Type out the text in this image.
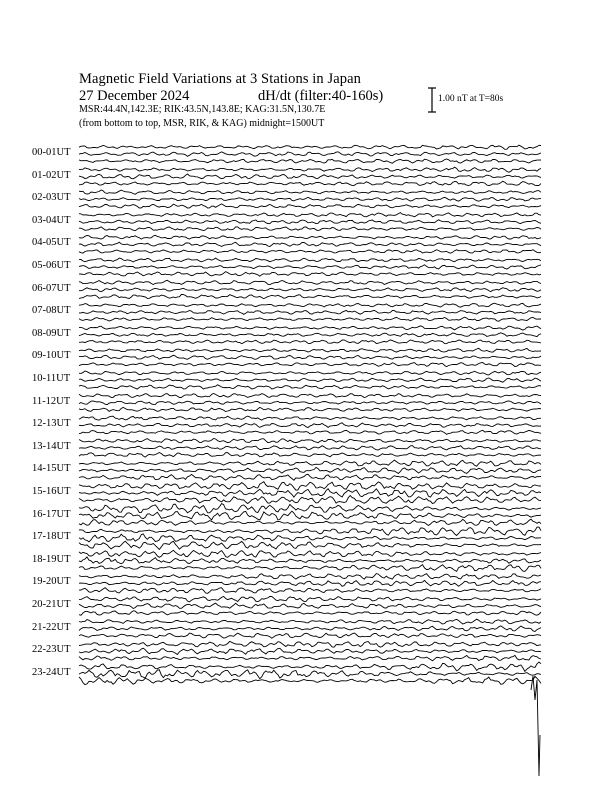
Magnetic Field Variations at 3 Stations in Japan
27 December 2024	dH/dt (filter:40-160s)
MSR:44.4N,142.3E; RIK:43.5N,143.8E; KAG:31.5N,130.7E
(from bottom to top, MSR, RIK, & KAG) midnight=1500UT
1.00 nT at T=80s
00-01UT
01-02UT
02-03UT
03-04UT
04-05UT
05-06UT
06-07UT
07-08UT
08-09UT
09-10UT
10-11UT
11-12UT
12-13UT
13-14UT
14-15UT
15-16UT
16-17UT
17-18UT
18-19UT
19-20UT
20-21UT
21-22UT
22-23UT
23-24UT
